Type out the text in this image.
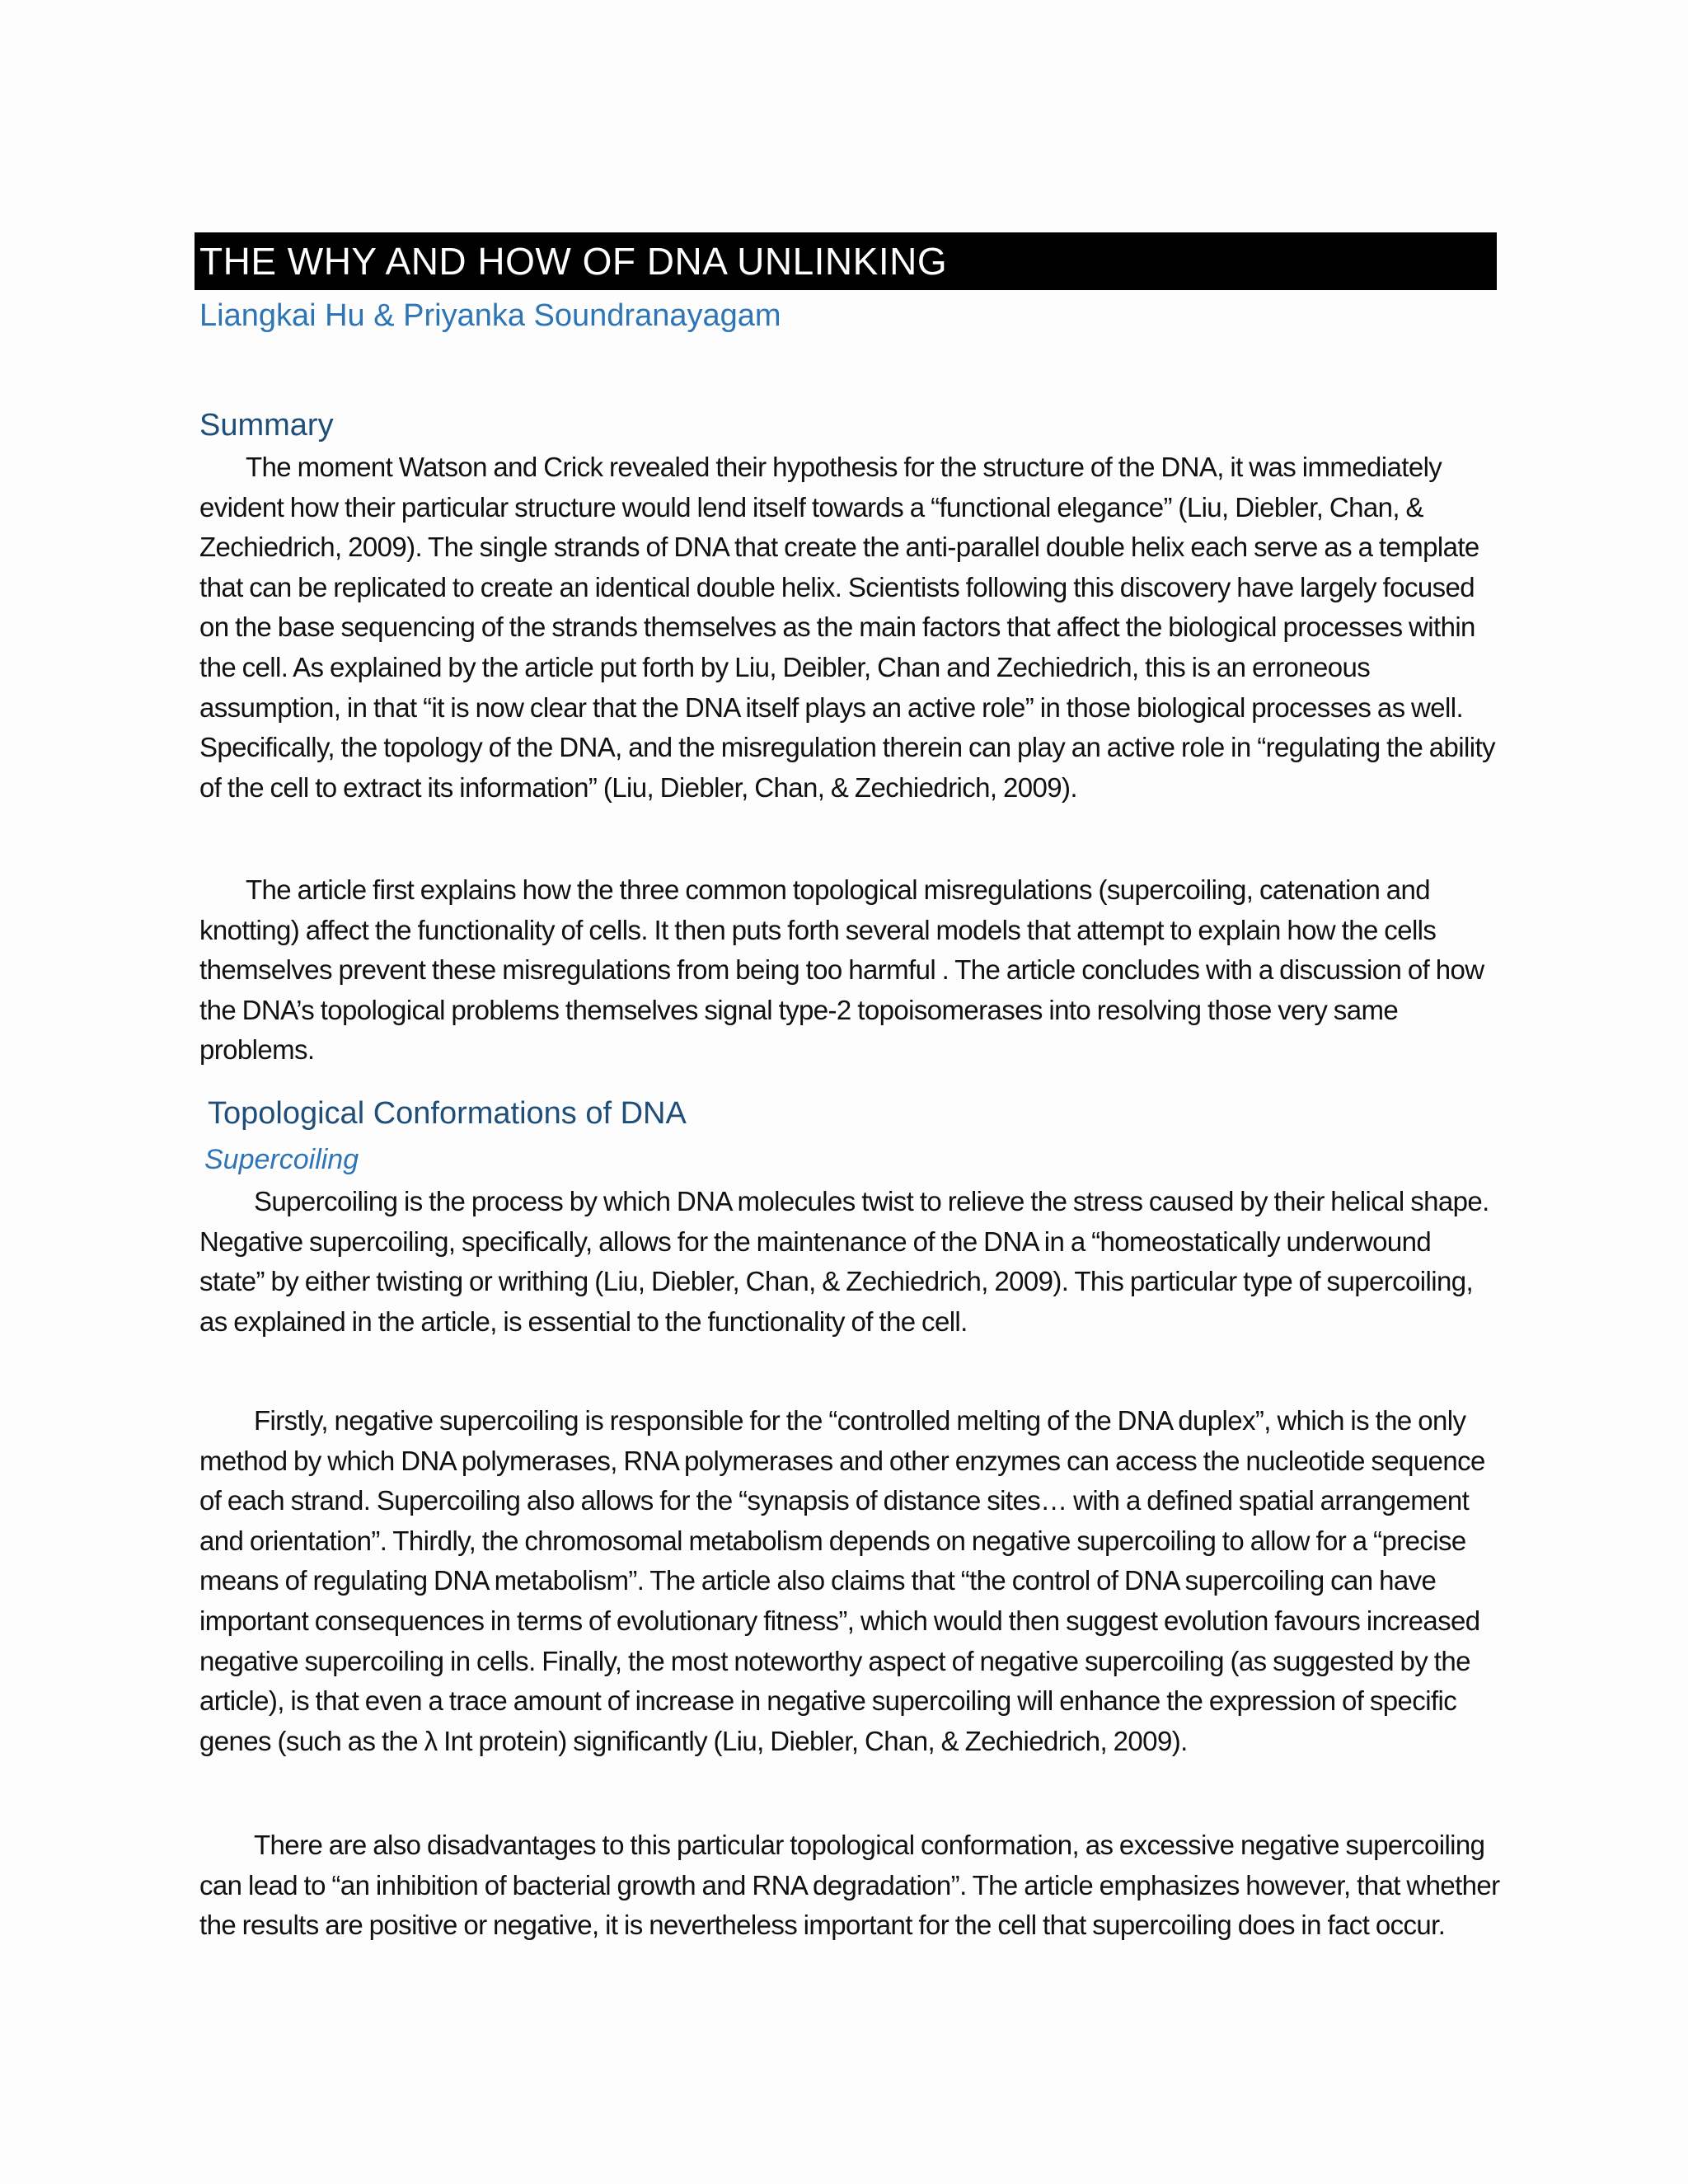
THE WHY AND HOW OF DNA UNLINKING
Liangkai Hu & Priyanka Soundranayagam
Summary

The moment Watson and Crick revealed their hypothesis for the structure of the DNA, it was immediately evident how their particular structure would lend itself towards a “functional elegance” (Liu, Diebler, Chan, & Zechiedrich, 2009). The single strands of DNA that create the anti-parallel double helix each serve as a template that can be replicated to create an identical double helix. Scientists following this discovery have largely focused on the base sequencing of the strands themselves as the main factors that affect the biological processes within the cell. As explained by the article put forth by Liu, Deibler, Chan and Zechiedrich, this is an erroneous assumption, in that “it is now clear that the DNA itself plays an active role” in those biological processes as well. Specifically, the topology of the DNA, and the misregulation therein can play an active role in “regulating the ability of the cell to extract its information” (Liu, Diebler, Chan, & Zechiedrich, 2009).

The article first explains how the three common topological misregulations (supercoiling, catenation and knotting) affect the functionality of cells. It then puts forth several models that attempt to explain how the cells themselves prevent these misregulations from being too harmful . The article concludes with a discussion of how the DNA’s topological problems themselves signal type-2 topoisomerases into resolving those very same problems.

Topological Conformations of DNA
Supercoiling

Supercoiling is the process by which DNA molecules twist to relieve the stress caused by their helical shape. Negative supercoiling, specifically, allows for the maintenance of the DNA in a “homeostatically underwound state” by either twisting or writhing (Liu, Diebler, Chan, & Zechiedrich, 2009). This particular type of supercoiling, as explained in the article, is essential to the functionality of the cell.

Firstly, negative supercoiling is responsible for the “controlled melting of the DNA duplex”, which is the only method by which DNA polymerases, RNA polymerases and other enzymes can access the nucleotide sequence of each strand. Supercoiling also allows for the “synapsis of distance sites… with a defined spatial arrangement and orientation”. Thirdly, the chromosomal metabolism depends on negative supercoiling to allow for a “precise means of regulating DNA metabolism”. The article also claims that “the control of DNA supercoiling can have important consequences in terms of evolutionary fitness”, which would then suggest evolution favours increased negative supercoiling in cells. Finally, the most noteworthy aspect of negative supercoiling (as suggested by the article), is that even a trace amount of increase in negative supercoiling will enhance the expression of specific genes (such as the λ Int protein) significantly (Liu, Diebler, Chan, & Zechiedrich, 2009).

There are also disadvantages to this particular topological conformation, as excessive negative supercoiling can lead to “an inhibition of bacterial growth and RNA degradation”. The article emphasizes however, that whether the results are positive or negative, it is nevertheless important for the cell that supercoiling does in fact occur.
